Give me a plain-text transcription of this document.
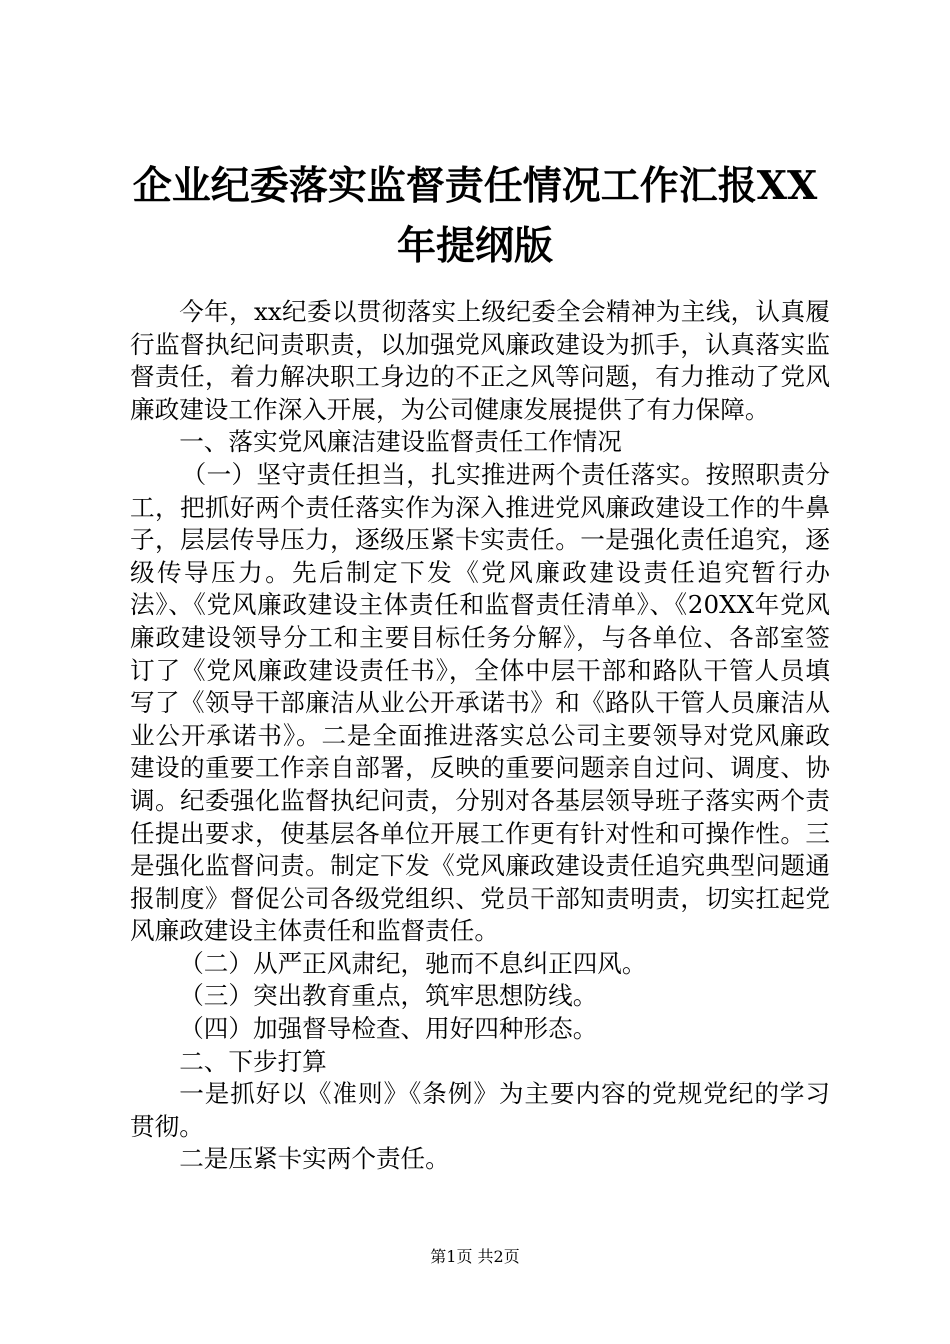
企业纪委落实监督责任情况工作汇报XX年提纲版

今年，xx纪委以贯彻落实上级纪委全会精神为主线，认真履行监督执纪问责职责，以加强党风廉政建设为抓手，认真落实监督责任，着力解决职工身边的不正之风等问题，有力推动了党风廉政建设工作深入开展，为公司健康发展提供了有力保障。

一、落实党风廉洁建设监督责任工作情况

（一）坚守责任担当，扎实推进两个责任落实。按照职责分工，把抓好两个责任落实作为深入推进党风廉政建设工作的牛鼻子，层层传导压力，逐级压紧卡实责任。一是强化责任追究，逐级传导压力。先后制定下发《党风廉政建设责任追究暂行办法》、《党风廉政建设主体责任和监督责任清单》、《20XX年党风廉政建设领导分工和主要目标任务分解》，与各单位、各部室签订了《党风廉政建设责任书》，全体中层干部和路队干管人员填写了《领导干部廉洁从业公开承诺书》和《路队干管人员廉洁从业公开承诺书》。二是全面推进落实总公司主要领导对党风廉政建设的重要工作亲自部署，反映的重要问题亲自过问、调度、协调。纪委强化监督执纪问责，分别对各基层领导班子落实两个责任提出要求，使基层各单位开展工作更有针对性和可操作性。三是强化监督问责。制定下发《党风廉政建设责任追究典型问题通报制度》督促公司各级党组织、党员干部知责明责，切实扛起党风廉政建设主体责任和监督责任。

（二）从严正风肃纪，驰而不息纠正四风。

（三）突出教育重点，筑牢思想防线。

（四）加强督导检查、用好四种形态。

二、下步打算

一是抓好以《准则》《条例》为主要内容的党规党纪的学习贯彻。

二是压紧卡实两个责任。

第1页 共2页
